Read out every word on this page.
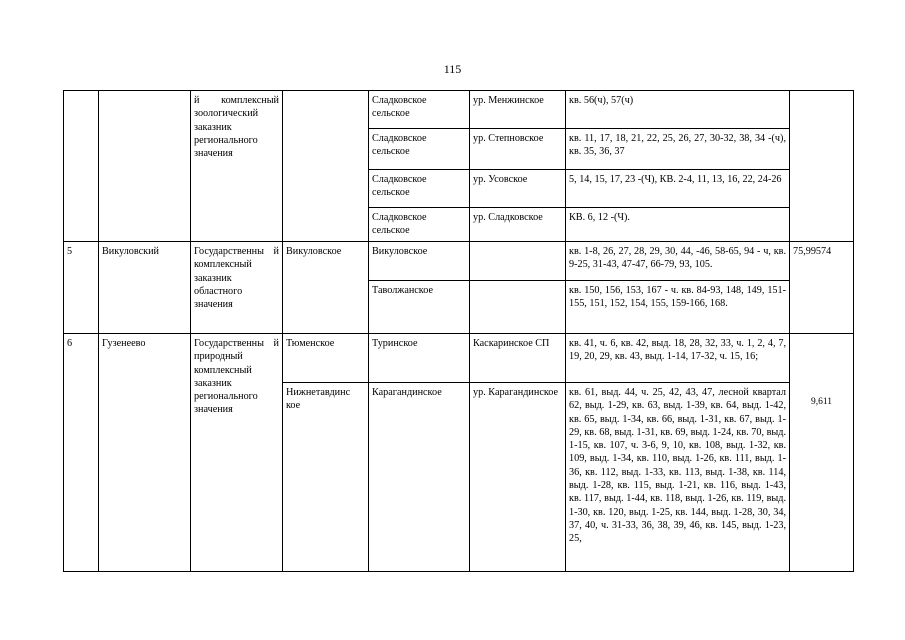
115
		й комплексный зоологический заказник регионального значения		Сладковское сельское	ур. Менжинское	кв. 56(ч), 57(ч)	
				Сладковское сельское	ур. Степновское	кв. 11, 17, 18, 21, 22, 25, 26, 27, 30-32, 38, 34 -(ч), кв. 35, 36, 37	
				Сладковское сельское	ур. Усовское	5, 14, 15, 17, 23 -(Ч), КВ. 2-4, 11, 13, 16, 22, 24-26	
				Сладковское сельское	ур. Сладковское	КВ. 6, 12 -(Ч).	
5	Викуловский	Государственны й комплексный заказник областного значения	Викуловское	Викуловское		кв. 1-8, 26, 27, 28, 29, 30, 44, -46, 58-65, 94 - ч, кв. 9-25, 31-43, 47-47, 66-79, 93, 105.	75,99574
				Таволжанское		кв. 150, 156, 153, 167 - ч. кв. 84-93, 148, 149, 151-155, 151, 152, 154, 155, 159-166, 168.	
6	Гузенеево	Государственны й природный комплексный заказник регионального значения	Тюменское	Туринское	Каскаринское СП	кв. 41, ч. 6, кв. 42, выд. 18, 28, 32, 33, ч. 1, 2, 4, 7, 19, 20, 29, кв. 43, выд. 1-14, 17-32, ч. 15, 16;	9,611
			Нижнетавдинс кое	Карагандинское	ур. Карагандинское	кв. 61, выд. 44, ч. 25, 42, 43, 47, лесной квартал 62, выд. 1-29, кв. 63, выд. 1-39, кв. 64, выд. 1-42, кв. 65, выд. 1-34, кв. 66, выд. 1-31, кв. 67, выд. 1-29, кв. 68, выд. 1-31, кв. 69, выд. 1-24, кв. 70, выд. 1-15, кв. 107, ч. 3-6, 9, 10, кв. 108, выд. 1-32, кв. 109, выд. 1-34, кв. 110, выд. 1-26, кв. 111, выд. 1-36, кв. 112, выд. 1-33, кв. 113, выд. 1-38, кв. 114, выд. 1-28, кв. 115, выд. 1-21, кв. 116, выд. 1-43, кв. 117, выд. 1-44, кв. 118, выд. 1-26, кв. 119, выд. 1-30, кв. 120, выд. 1-25, кв. 144, выд. 1-28, 30, 34, 37, 40, ч. 31-33, 36, 38, 39, 46, кв. 145, выд. 1-23, 25,	
